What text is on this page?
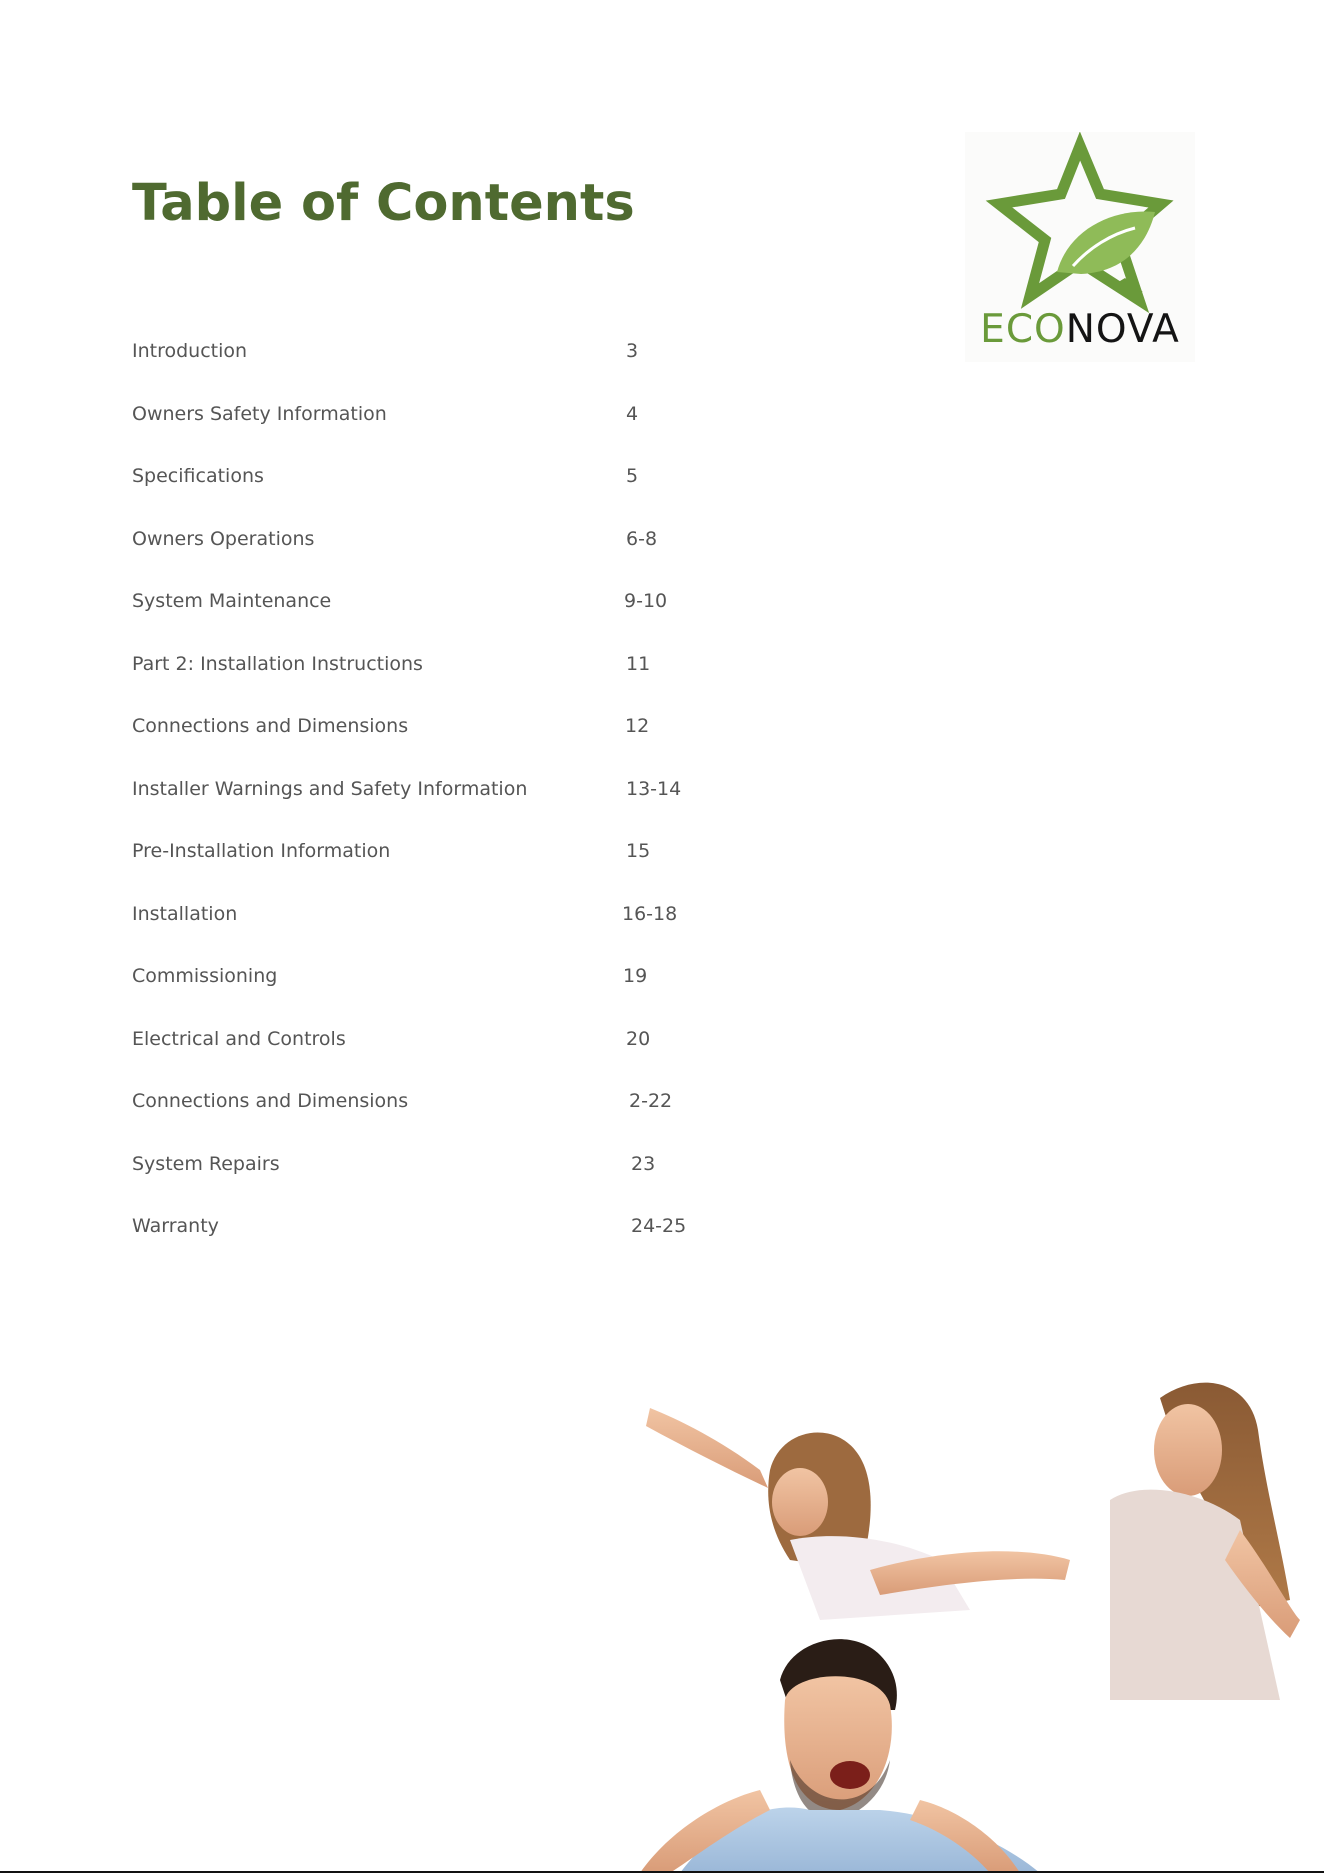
Table of Contents
ECONOVA
Introduction	3
Owners Safety Information	4
Specifications	5
Owners Operations	6-8
System Maintenance	9-10
Part 2: Installation Instructions	11
Connections and Dimensions	12
Installer Warnings and Safety Information	13-14
Pre-Installation Information	15
Installation	16-18
Commissioning	19
Electrical and Controls	20
Connections and Dimensions	2-22
System Repairs	23
Warranty	24-25
